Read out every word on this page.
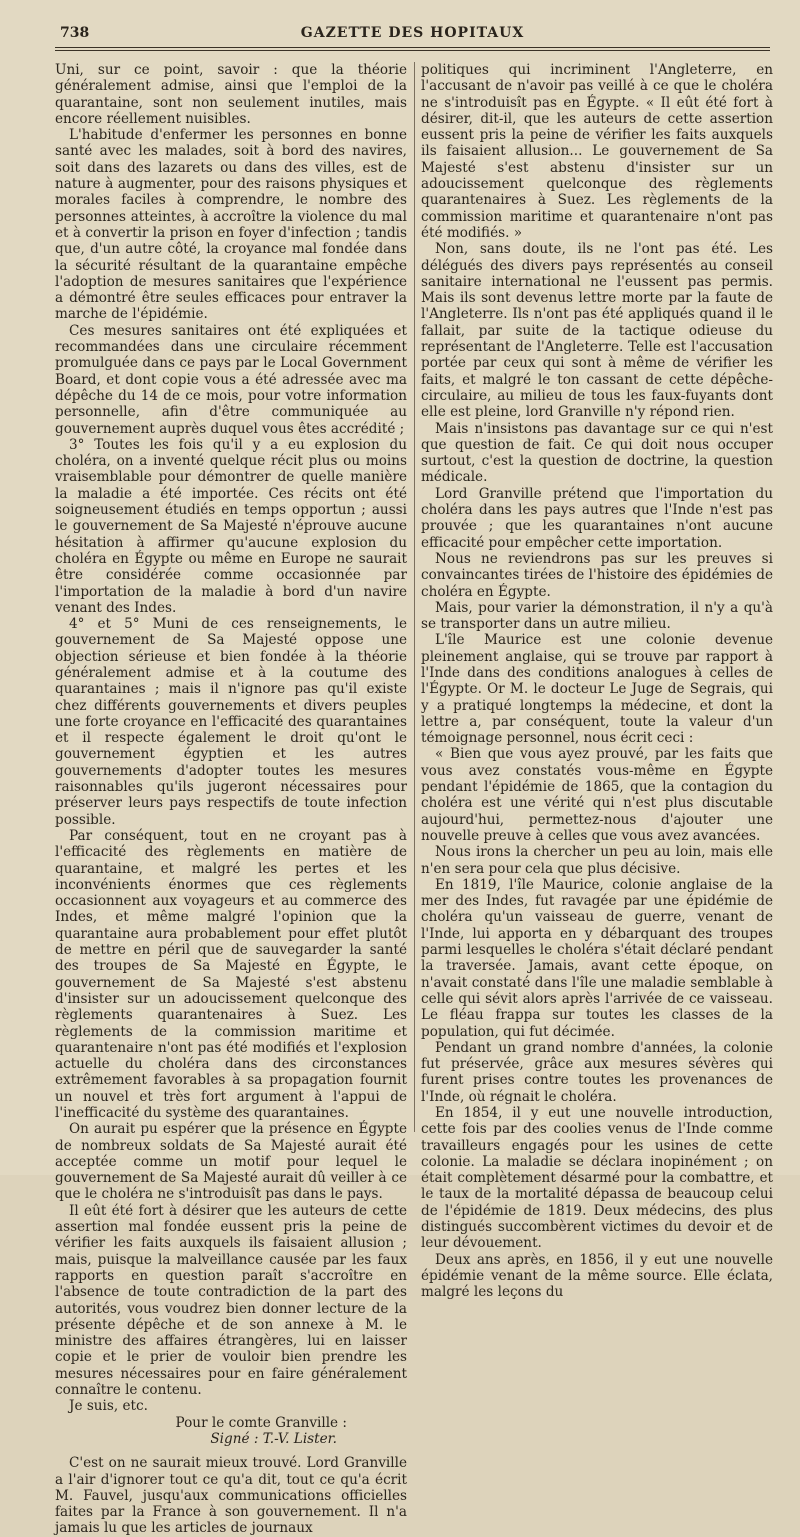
738	GAZETTE DES HOPITAUX

Uni, sur ce point, savoir : que la théorie généralement admise, ainsi que l'emploi de la quarantaine, sont non seulement inutiles, mais encore réellement nuisibles.

L'habitude d'enfermer les personnes en bonne santé avec les malades, soit à bord des navires, soit dans des lazarets ou dans des villes, est de nature à augmenter, pour des raisons physiques et morales faciles à comprendre, le nombre des personnes atteintes, à accroître la violence du mal et à convertir la prison en foyer d'infection ; tandis que, d'un autre côté, la croyance mal fondée dans la sécurité résultant de la quarantaine empêche l'adoption de mesures sanitaires que l'expérience a démontré être seules efficaces pour entraver la marche de l'épidémie.

Ces mesures sanitaires ont été expliquées et recommandées dans une circulaire récemment promulguée dans ce pays par le Local Government Board, et dont copie vous a été adressée avec ma dépêche du 14 de ce mois, pour votre information personnelle, afin d'être communiquée au gouvernement auprès duquel vous êtes accrédité ;

3° Toutes les fois qu'il y a eu explosion du choléra, on a inventé quelque récit plus ou moins vraisemblable pour démontrer de quelle manière la maladie a été importée. Ces récits ont été soigneusement étudiés en temps opportun ; aussi le gouvernement de Sa Majesté n'éprouve aucune hésitation à affirmer qu'aucune explosion du choléra en Égypte ou même en Europe ne saurait être considérée comme occasionnée par l'importation de la maladie à bord d'un navire venant des Indes.

4° et 5° Muni de ces renseignements, le gouvernement de Sa Majesté oppose une objection sérieuse et bien fondée à la théorie généralement admise et à la coutume des quarantaines ; mais il n'ignore pas qu'il existe chez différents gouvernements et divers peuples une forte croyance en l'efficacité des quarantaines et il respecte également le droit qu'ont le gouvernement égyptien et les autres gouvernements d'adopter toutes les mesures raisonnables qu'ils jugeront nécessaires pour préserver leurs pays respectifs de toute infection possible.

Par conséquent, tout en ne croyant pas à l'efficacité des règlements en matière de quarantaine, et malgré les pertes et les inconvénients énormes que ces règlements occasionnent aux voyageurs et au commerce des Indes, et même malgré l'opinion que la quarantaine aura probablement pour effet plutôt de mettre en péril que de sauvegarder la santé des troupes de Sa Majesté en Égypte, le gouvernement de Sa Majesté s'est abstenu d'insister sur un adoucissement quelconque des règlements quarantenaires à Suez. Les règlements de la commission maritime et quarantenaire n'ont pas été modifiés et l'explosion actuelle du choléra dans des circonstances extrêmement favorables à sa propagation fournit un nouvel et très fort argument à l'appui de l'inefficacité du système des quarantaines.

On aurait pu espérer que la présence en Égypte de nombreux soldats de Sa Majesté aurait été acceptée comme un motif pour lequel le gouvernement de Sa Majesté aurait dû veiller à ce que le choléra ne s'introduisît pas dans le pays.

Il eût été fort à désirer que les auteurs de cette assertion mal fondée eussent pris la peine de vérifier les faits auxquels ils faisaient allusion ; mais, puisque la malveillance causée par les faux rapports en question paraît s'accroître en l'absence de toute contradiction de la part des autorités, vous voudrez bien donner lecture de la présente dépêche et de son annexe à M. le ministre des affaires étrangères, lui en laisser copie et le prier de vouloir bien prendre les mesures nécessaires pour en faire généralement connaître le contenu.

Je suis, etc.

Pour le comte Granville :

Signé : T.-V. Lister.

C'est on ne saurait mieux trouvé. Lord Granville a l'air d'ignorer tout ce qu'a dit, tout ce qu'a écrit M. Fauvel, jusqu'aux communications officielles faites par la France à son gouvernement. Il n'a jamais lu que les articles de journaux

politiques qui incriminent l'Angleterre, en l'accusant de n'avoir pas veillé à ce que le choléra ne s'introduisît pas en Égypte. « Il eût été fort à désirer, dit-il, que les auteurs de cette assertion eussent pris la peine de vérifier les faits auxquels ils faisaient allusion... Le gouvernement de Sa Majesté s'est abstenu d'insister sur un adoucissement quelconque des règlements quarantenaires à Suez. Les règlements de la commission maritime et quarantenaire n'ont pas été modifiés. »

Non, sans doute, ils ne l'ont pas été. Les délégués des divers pays représentés au conseil sanitaire international ne l'eussent pas permis. Mais ils sont devenus lettre morte par la faute de l'Angleterre. Ils n'ont pas été appliqués quand il le fallait, par suite de la tactique odieuse du représentant de l'Angleterre. Telle est l'accusation portée par ceux qui sont à même de vérifier les faits, et malgré le ton cassant de cette dépêche-circulaire, au milieu de tous les faux-fuyants dont elle est pleine, lord Granville n'y répond rien.

Mais n'insistons pas davantage sur ce qui n'est que question de fait. Ce qui doit nous occuper surtout, c'est la question de doctrine, la question médicale.

Lord Granville prétend que l'importation du choléra dans les pays autres que l'Inde n'est pas prouvée ; que les quarantaines n'ont aucune efficacité pour empêcher cette importation.

Nous ne reviendrons pas sur les preuves si convaincantes tirées de l'histoire des épidémies de choléra en Égypte.

Mais, pour varier la démonstration, il n'y a qu'à se transporter dans un autre milieu.

L'île Maurice est une colonie devenue pleinement anglaise, qui se trouve par rapport à l'Inde dans des conditions analogues à celles de l'Égypte. Or M. le docteur Le Juge de Segrais, qui y a pratiqué longtemps la médecine, et dont la lettre a, par conséquent, toute la valeur d'un témoignage personnel, nous écrit ceci :

« Bien que vous ayez prouvé, par les faits que vous avez constatés vous-même en Égypte pendant l'épidémie de 1865, que la contagion du choléra est une vérité qui n'est plus discutable aujourd'hui, permettez-nous d'ajouter une nouvelle preuve à celles que vous avez avancées.

Nous irons la chercher un peu au loin, mais elle n'en sera pour cela que plus décisive.

En 1819, l'île Maurice, colonie anglaise de la mer des Indes, fut ravagée par une épidémie de choléra qu'un vaisseau de guerre, venant de l'Inde, lui apporta en y débarquant des troupes parmi lesquelles le choléra s'était déclaré pendant la traversée. Jamais, avant cette époque, on n'avait constaté dans l'île une maladie semblable à celle qui sévit alors après l'arrivée de ce vaisseau. Le fléau frappa sur toutes les classes de la population, qui fut décimée.

Pendant un grand nombre d'années, la colonie fut préservée, grâce aux mesures sévères qui furent prises contre toutes les provenances de l'Inde, où régnait le choléra.

En 1854, il y eut une nouvelle introduction, cette fois par des coolies venus de l'Inde comme travailleurs engagés pour les usines de cette colonie. La maladie se déclara inopinément ; on était complètement désarmé pour la combattre, et le taux de la mortalité dépassa de beaucoup celui de l'épidémie de 1819. Deux médecins, des plus distingués succombèrent victimes du devoir et de leur dévouement.

Deux ans après, en 1856, il y eut une nouvelle épidémie venant de la même source. Elle éclata, malgré les leçons du
